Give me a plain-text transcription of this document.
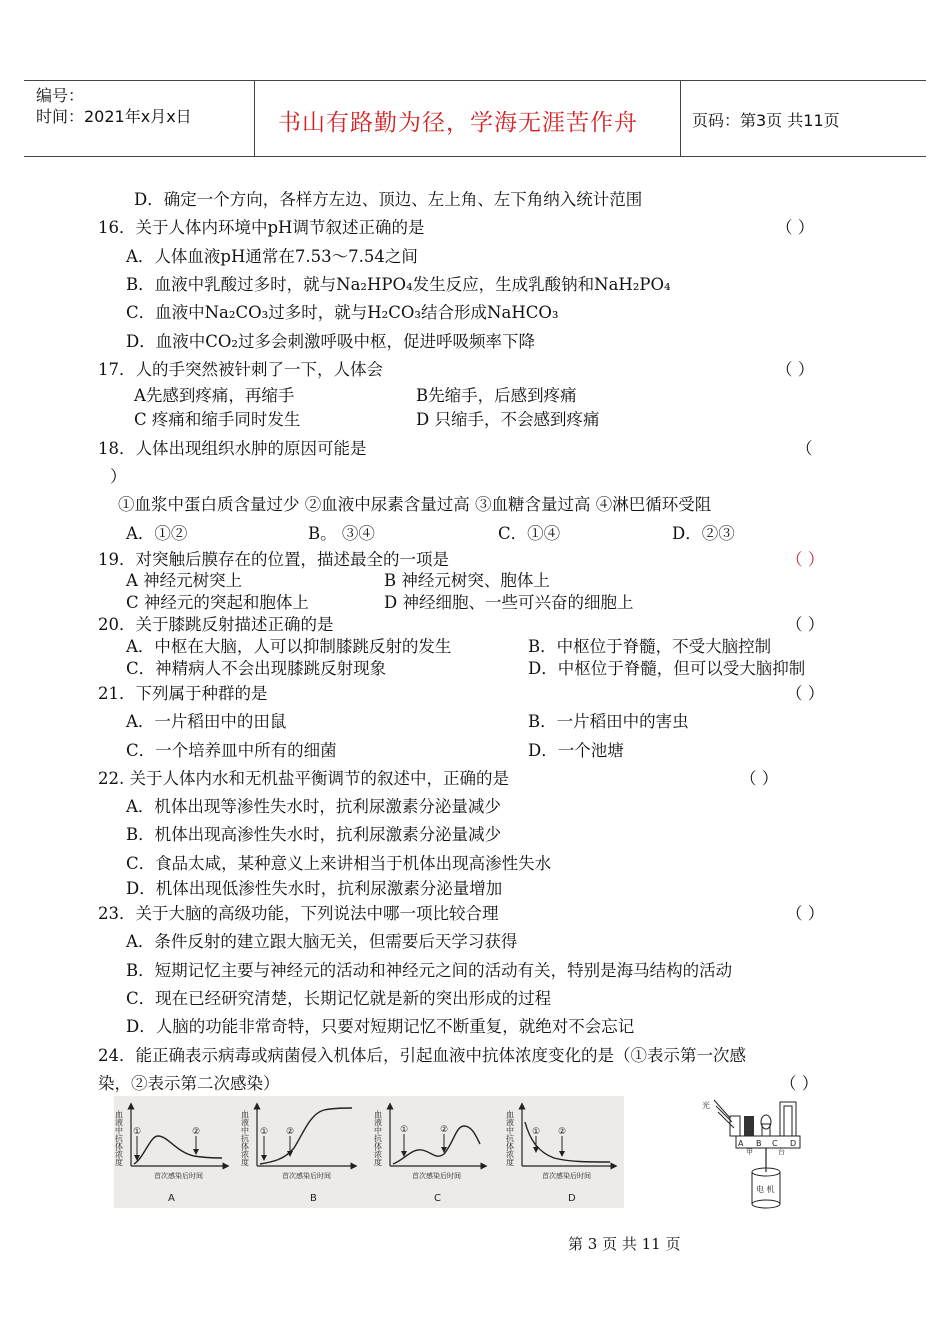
编号：
时间：2021年x月x日	书山有路勤为径，学海无涯苦作舟	页码：第3页 共11页
D．确定一个方向，各样方左边、顶边、左上角、左下角纳入统计范围
16．关于人体内环境中pH调节叙述正确的是	（ ）
A．人体血液pH通常在7.53～7.54之间
B．血液中乳酸过多时，就与Na₂HPO₄发生反应，生成乳酸钠和NaH₂PO₄
C．血液中Na₂CO₃过多时，就与H₂CO₃结合形成NaHCO₃
D．血液中CO₂过多会刺激呼吸中枢，促进呼吸频率下降
17．人的手突然被针刺了一下，人体会	（ ）
A先感到疼痛，再缩手	B先缩手，后感到疼痛
C 疼痛和缩手同时发生	D 只缩手，不会感到疼痛
18．人体出现组织水肿的原因可能是	（
）
①血浆中蛋白质含量过少 ②血液中尿素含量过高 ③血糖含量过高 ④淋巴循环受阻
A．①②	B。 ③④	C．①④	D．②③
19．对突触后膜存在的位置，描述最全的一项是	（ ）
A 神经元树突上	B 神经元树突、胞体上
C 神经元的突起和胞体上	D 神经细胞、一些可兴奋的细胞上
20．关于膝跳反射描述正确的是	（ ）
A．中枢在大脑，人可以抑制膝跳反射的发生	B．中枢位于脊髓，不受大脑控制
C．神精病人不会出现膝跳反射现象	D．中枢位于脊髓，但可以受大脑抑制
21．下列属于种群的是	（ ）
A．一片稻田中的田鼠	B．一片稻田中的害虫
C．一个培养皿中所有的细菌	D．一个池塘
22. 关于人体内水和无机盐平衡调节的叙述中，正确的是	（ ）
A．机体出现等渗性失水时，抗利尿激素分泌量减少
B．机体出现高渗性失水时，抗利尿激素分泌量减少
C．食品太咸，某种意义上来讲相当于机体出现高渗性失水
D．机体出现低渗性失水时，抗利尿激素分泌量增加
23．关于大脑的高级功能，下列说法中哪一项比较合理	（ ）
A．条件反射的建立跟大脑无关，但需要后天学习获得
B．短期记忆主要与神经元的活动和神经元之间的活动有关，特别是海马结构的活动
C．现在已经研究清楚，长期记忆就是新的突出形成的过程
D．人脑的功能非常奇特，只要对短期记忆不断重复，就绝对不会忘记
24．能正确表示病毒或病菌侵入机体后，引起血液中抗体浓度变化的是（①表示第一次感
染，②表示第二次感染）	（ ）
血液中抗体浓度 ①	②
首次感染后时间
A
血液中抗体浓度 ① ②
首次感染后时间
B
血液中抗体浓度 ①	②
首次感染后时间
C
血液中抗体浓度 ① ②
首次感染后时间
D
光
A B C D
甲	台
电 机
第 3 页 共 11 页
